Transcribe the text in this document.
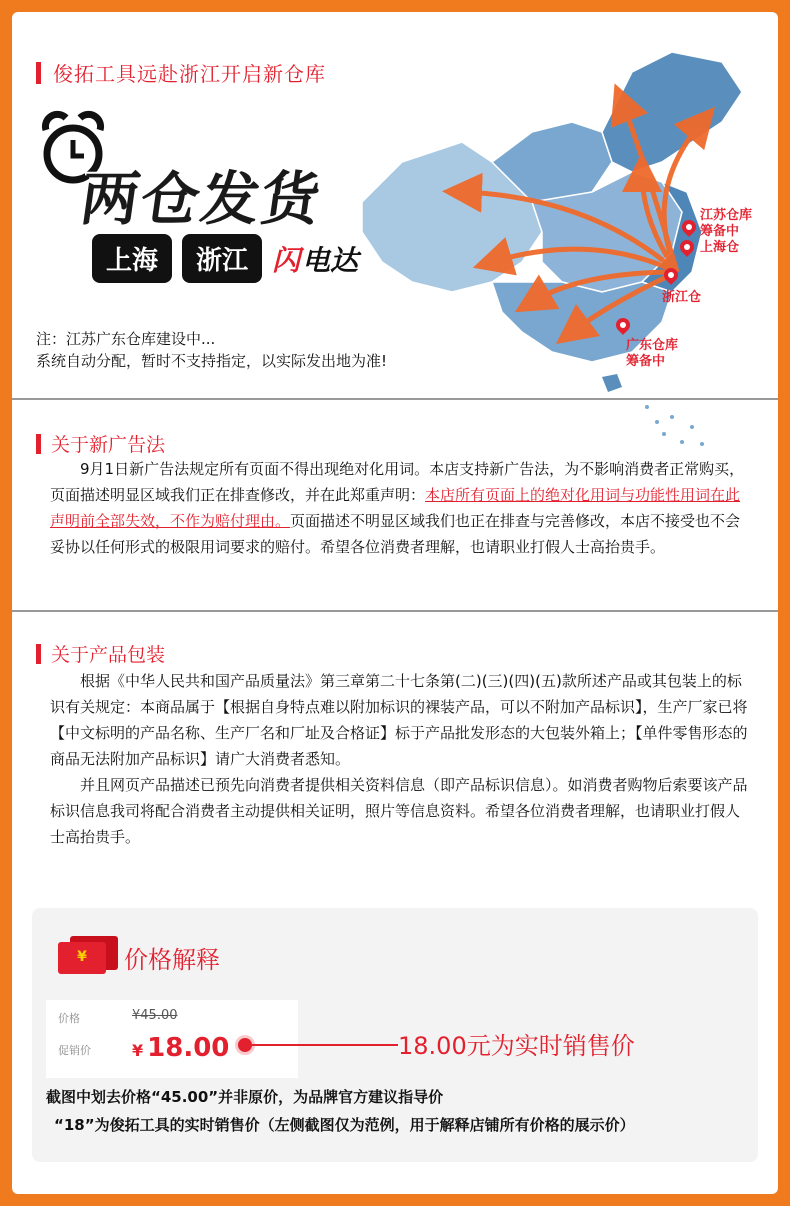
俊拓工具远赴浙江开启新仓库
两仓发货
上海	浙江 闪 电达
注：江苏广东仓库建设中...
系统自动分配，暂时不支持指定，以实际发出地为准!
江苏仓库
筹备中
上海仓
浙江仓
广东仓库
筹备中
关于新广告法

9月1日新广告法规定所有页面不得出现绝对化用词。本店支持新广告法，为不影响消费者正常购买，页面描述明显区域我们正在排查修改，并在此郑重声明：本店所有页面上的绝对化用词与功能性用词在此声明前全部失效，不作为赔付理由。页面描述不明显区域我们也正在排查与完善修改，本店不接受也不会妥协以任何形式的极限用词要求的赔付。希望各位消费者理解，也请职业打假人士高抬贵手。

关于产品包装

根据《中华人民共和国产品质量法》第三章第二十七条第(二)(三)(四)(五)款所述产品或其包装上的标识有关规定：本商品属于【根据自身特点难以附加标识的裸装产品，可以不附加产品标识】，生产厂家已将【中文标明的产品名称、生产厂名和厂址及合格证】标于产品批发形态的大包装外箱上；【单件零售形态的商品无法附加产品标识】请广大消费者悉知。

并且网页产品描述已预先向消费者提供相关资料信息（即产品标识信息）。如消费者购物后索要该产品标识信息我司将配合消费者主动提供相关证明，照片等信息资料。希望各位消费者理解，也请职业打假人士高抬贵手。

¥	价格解释
价格	¥45.00
促销价	¥ 18.00	18.00元为实时销售价
截图中划去价格“45.00”并非原价，为品牌官方建议指导价
“18”为俊拓工具的实时销售价（左侧截图仅为范例，用于解释店铺所有价格的展示价）
